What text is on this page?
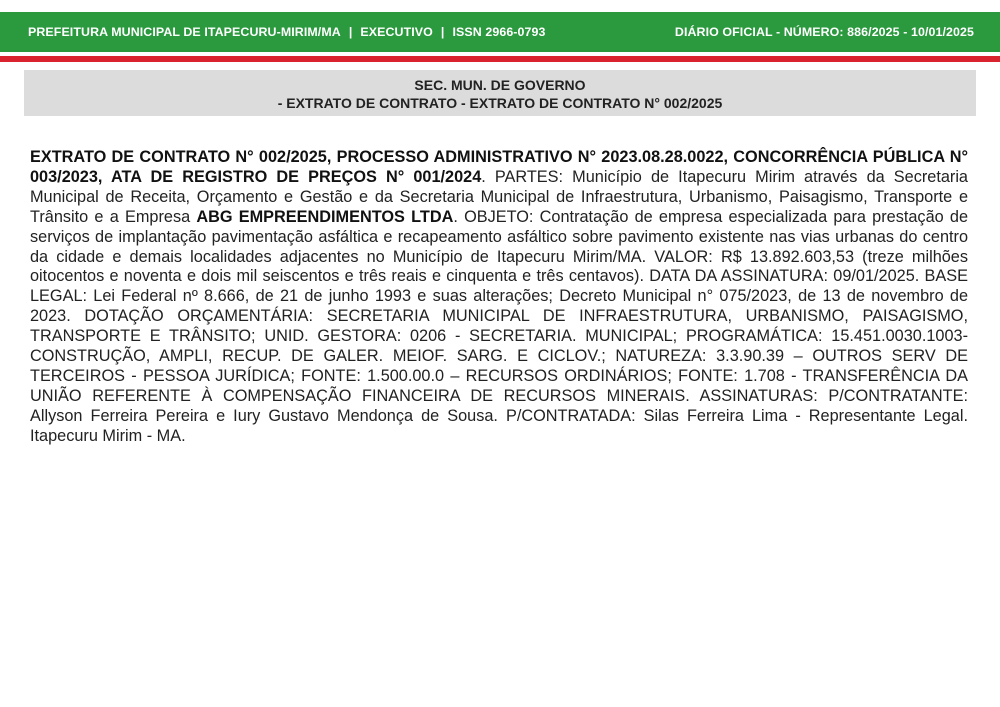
PREFEITURA MUNICIPAL DE ITAPECURU-MIRIM/MA | EXECUTIVO | ISSN 2966-0793	DIÁRIO OFICIAL - NÚMERO: 886/2025 - 10/01/2025
SEC. MUN. DE GOVERNO
- EXTRATO DE CONTRATO - EXTRATO DE CONTRATO N° 002/2025
EXTRATO DE CONTRATO N° 002/2025, PROCESSO ADMINISTRATIVO N° 2023.08.28.0022, CONCORRÊNCIA PÚBLICA N° 003/2023, ATA DE REGISTRO DE PREÇOS N° 001/2024. PARTES: Município de Itapecuru Mirim através da Secretaria Municipal de Receita, Orçamento e Gestão e da Secretaria Municipal de Infraestrutura, Urbanismo, Paisagismo, Transporte e Trânsito e a Empresa ABG EMPREENDIMENTOS LTDA. OBJETO: Contratação de empresa especializada para prestação de serviços de implantação pavimentação asfáltica e recapeamento asfáltico sobre pavimento existente nas vias urbanas do centro da cidade e demais localidades adjacentes no Município de Itapecuru Mirim/MA. VALOR: R$ 13.892.603,53 (treze milhões oitocentos e noventa e dois mil seiscentos e três reais e cinquenta e três centavos). DATA DA ASSINATURA: 09/01/2025. BASE LEGAL: Lei Federal nº 8.666, de 21 de junho 1993 e suas alterações; Decreto Municipal n° 075/2023, de 13 de novembro de 2023. DOTAÇÃO ORÇAMENTÁRIA: SECRETARIA MUNICIPAL DE INFRAESTRUTURA, URBANISMO, PAISAGISMO, TRANSPORTE E TRÂNSITO; UNID. GESTORA: 0206 - SECRETARIA. MUNICIPAL; PROGRAMÁTICA: 15.451.0030.1003- CONSTRUÇÃO, AMPLI, RECUP. DE GALER. MEIOF. SARG. E CICLOV.; NATUREZA: 3.3.90.39 – OUTROS SERV DE TERCEIROS - PESSOA JURÍDICA; FONTE: 1.500.00.0 – RECURSOS ORDINÁRIOS; FONTE: 1.708 - TRANSFERÊNCIA DA UNIÃO REFERENTE À COMPENSAÇÃO FINANCEIRA DE RECURSOS MINERAIS. ASSINATURAS: P/CONTRATANTE: Allyson Ferreira Pereira e Iury Gustavo Mendonça de Sousa. P/CONTRATADA: Silas Ferreira Lima - Representante Legal. Itapecuru Mirim - MA.
